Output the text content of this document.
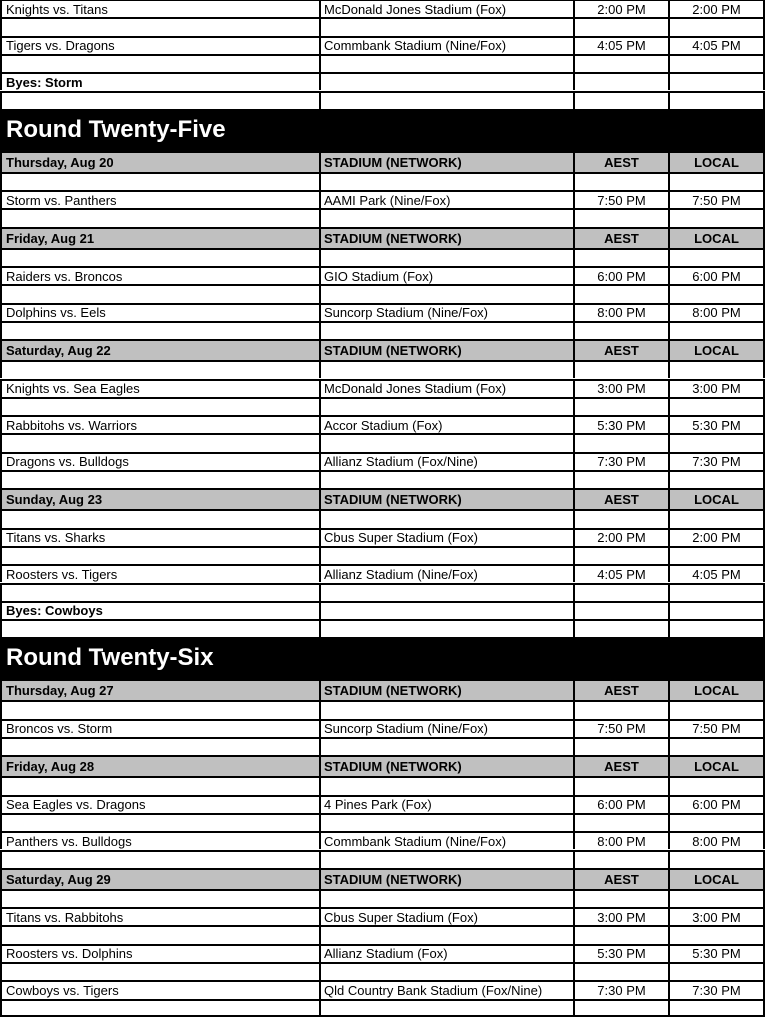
Knights vs. Titans	McDonald Jones Stadium (Fox)	2:00 PM	2:00 PM
Tigers vs. Dragons	Commbank Stadium (Nine/Fox)	4:05 PM	4:05 PM
Byes: Storm
Round Twenty-Five
Thursday, Aug 20	STADIUM (NETWORK)	AEST	LOCAL
Storm vs. Panthers	AAMI Park (Nine/Fox)	7:50 PM	7:50 PM
Friday, Aug 21	STADIUM (NETWORK)	AEST	LOCAL
Raiders vs. Broncos	GIO Stadium (Fox)	6:00 PM	6:00 PM
Dolphins vs. Eels	Suncorp Stadium (Nine/Fox)	8:00 PM	8:00 PM
Saturday, Aug 22	STADIUM (NETWORK)	AEST	LOCAL
Knights vs. Sea Eagles	McDonald Jones Stadium (Fox)	3:00 PM	3:00 PM
Rabbitohs vs. Warriors	Accor Stadium (Fox)	5:30 PM	5:30 PM
Dragons vs. Bulldogs	Allianz Stadium (Fox/Nine)	7:30 PM	7:30 PM
Sunday, Aug 23	STADIUM (NETWORK)	AEST	LOCAL
Titans vs. Sharks	Cbus Super Stadium (Fox)	2:00 PM	2:00 PM
Roosters vs. Tigers	Allianz Stadium (Nine/Fox)	4:05 PM	4:05 PM
Byes: Cowboys
Round Twenty-Six
Thursday, Aug 27	STADIUM (NETWORK)	AEST	LOCAL
Broncos vs. Storm	Suncorp Stadium (Nine/Fox)	7:50 PM	7:50 PM
Friday, Aug 28	STADIUM (NETWORK)	AEST	LOCAL
Sea Eagles vs. Dragons	4 Pines Park (Fox)	6:00 PM	6:00 PM
Panthers vs. Bulldogs	Commbank Stadium (Nine/Fox)	8:00 PM	8:00 PM
Saturday, Aug 29	STADIUM (NETWORK)	AEST	LOCAL
Titans vs. Rabbitohs	Cbus Super Stadium (Fox)	3:00 PM	3:00 PM
Roosters vs. Dolphins	Allianz Stadium (Fox)	5:30 PM	5:30 PM
Cowboys vs. Tigers	Qld Country Bank Stadium (Fox/Nine)	7:30 PM	7:30 PM
